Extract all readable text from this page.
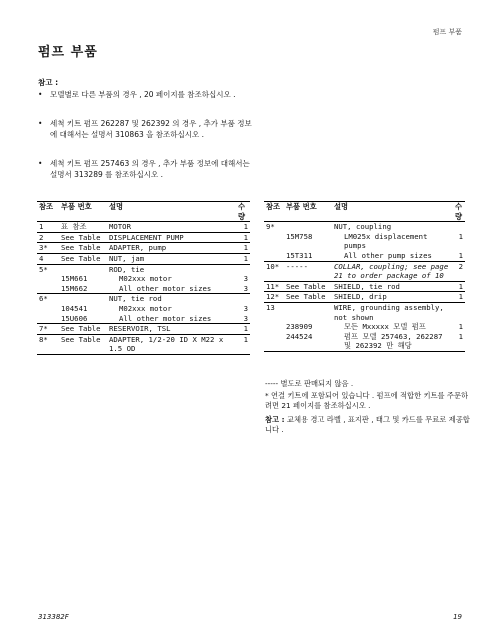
펌프 부품
펌프 부품
참고 :
• 모델별로 다른 부품의 경우 , 20 페이지를 참조하십시오 .
• 세척 키트 펌프 262287 및 262392 의 경우 , 추가 부품 정보에 대해서는 설명서 310863 을 참조하십시오 .
• 세척 키트 펌프 257463 의 경우 , 추가 부품 정보에 대해서는 설명서 313289 를 참조하십시오 .
참조	부품 번호	설명	수량
1	표 참조	MOTOR	1
2	See Table	DISPLACEMENT PUMP	1
3*	See Table	ADAPTER, pump	1
4	See Table	NUT, jam	1
5*		ROD, tie	
	15M661	M02xxx motor	3
	15M662	All other motor sizes	3
6*		NUT, tie rod	
	104541	M02xxx motor	3
	15U606	All other motor sizes	3
7*	See Table	RESERVOIR, TSL	1
8*	See Table	ADAPTER, 1/2-20 ID X M22 x 1.5 OD	1
참조	부품 번호	설명	수량
9*		NUT, coupling	
	15M758	LM025x displacement pumps	1
	15T311	All other pump sizes	1
10*	-----	COLLAR, coupling; see page 21 to order package of 10	2
11*	See Table	SHIELD, tie rod	1
12*	See Table	SHIELD, drip	1
13		WIRE, grounding assembly, not shown	
	238909	모든 Mxxxxx 모델 펌프	1
	244524	펌프 모델 257463, 262287 및 262392 만 해당	1
----- 별도로 판매되지 않음 .
* 연결 키트에 포함되어 있습니다 . 펌프에 적합한 키트를 주문하려면 21 페이지를 참조하십시오 .
참고 : 교체용 경고 라벨 , 표지판 , 태그 및 카드를 무료로 제공합니다 .
313382F	19
